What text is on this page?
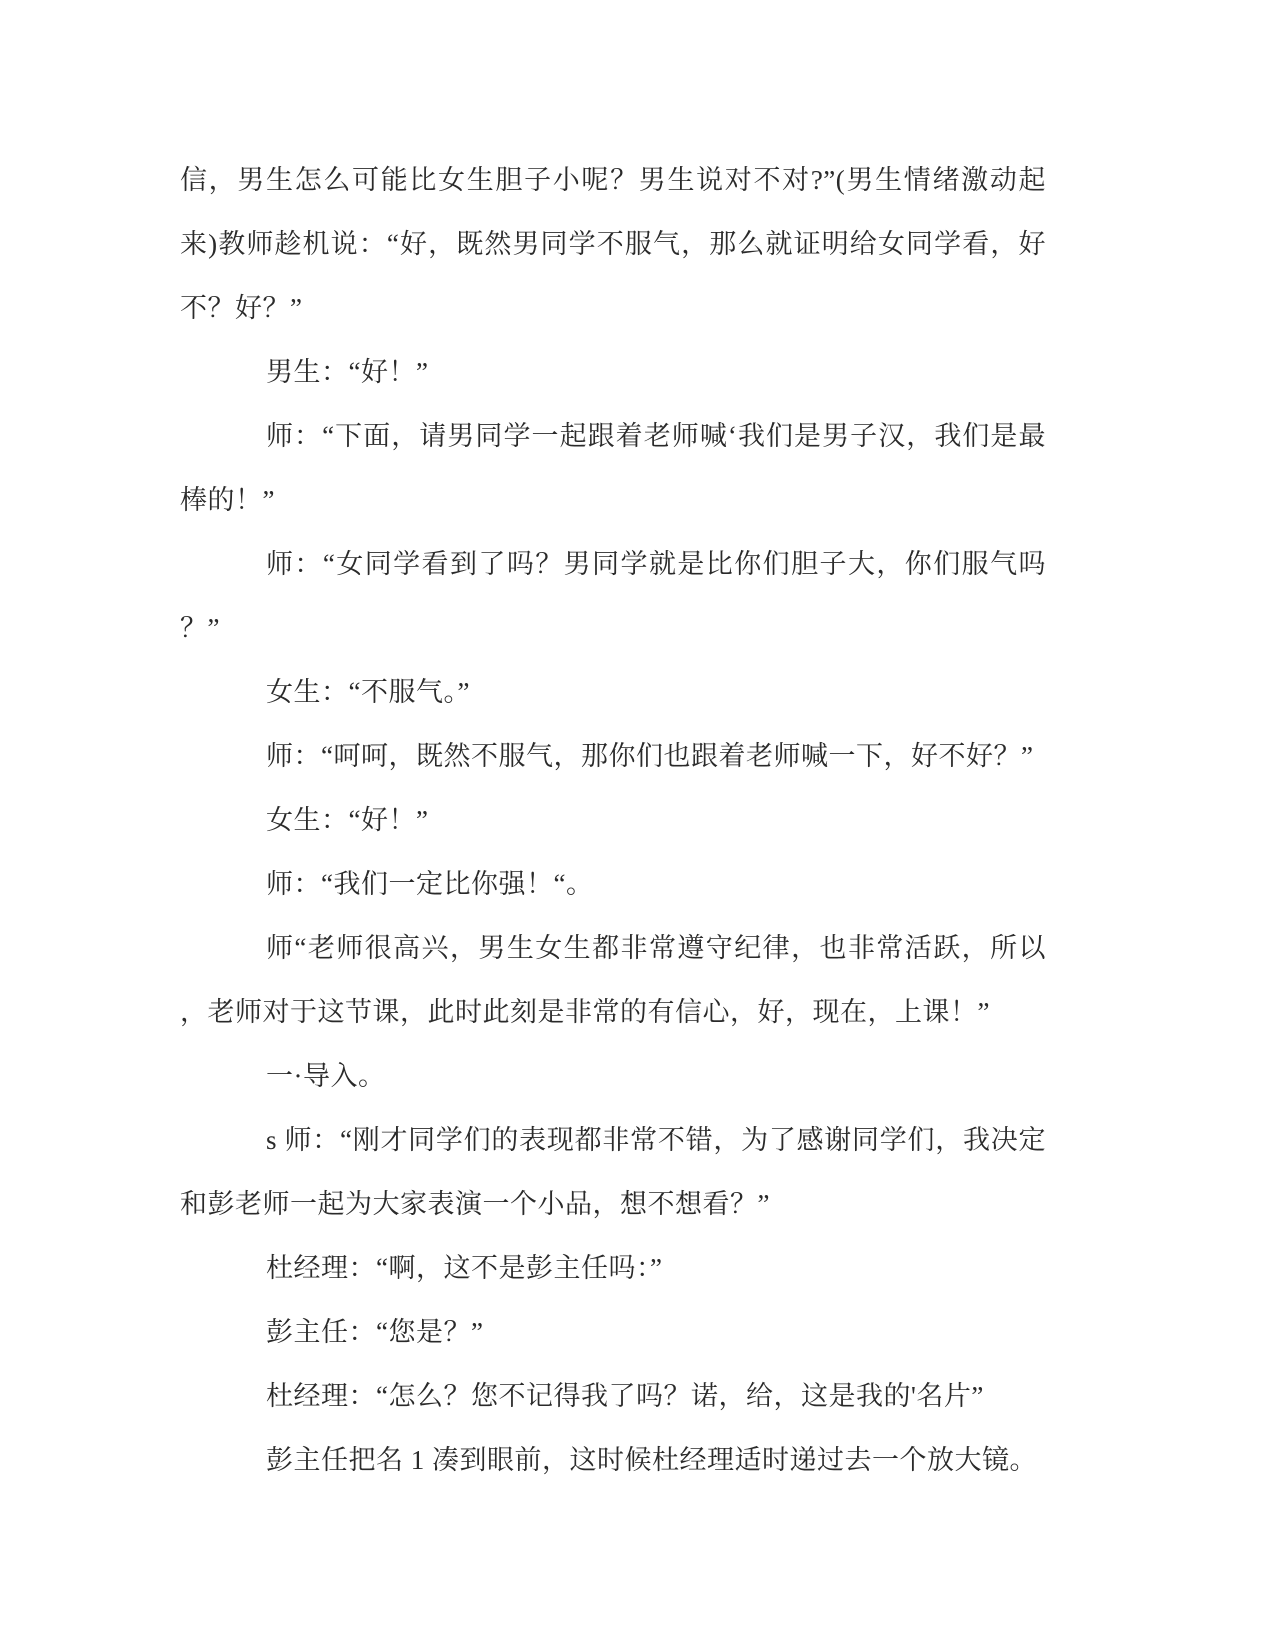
信，男生怎么可能比女生胆子小呢？男生说对不对?”(男生情绪激动起
来)教师趁机说：“好，既然男同学不服气，那么就证明给女同学看，好
不？好？”
男生：“好！”
师：“下面，请男同学一起跟着老师喊‘我们是男子汉，我们是最
棒的！”
师：“女同学看到了吗？男同学就是比你们胆子大，你们服气吗
？”
女生：“不服气。”
师：“呵呵，既然不服气，那你们也跟着老师喊一下，好不好？”
女生：“好！”
师：“我们一定比你强！“。
师“老师很高兴，男生女生都非常遵守纪律，也非常活跃，所以
，老师对于这节课，此时此刻是非常的有信心，好，现在，上课！”
一·导入。
s 师：“刚才同学们的表现都非常不错，为了感谢同学们，我决定
和彭老师一起为大家表演一个小品，想不想看？”
杜经理：“啊，这不是彭主任吗：”
彭主任：“您是？”
杜经理：“怎么？您不记得我了吗？诺，给，这是我的'名片”
彭主任把名 1 凑到眼前，这时候杜经理适时递过去一个放大镜。
